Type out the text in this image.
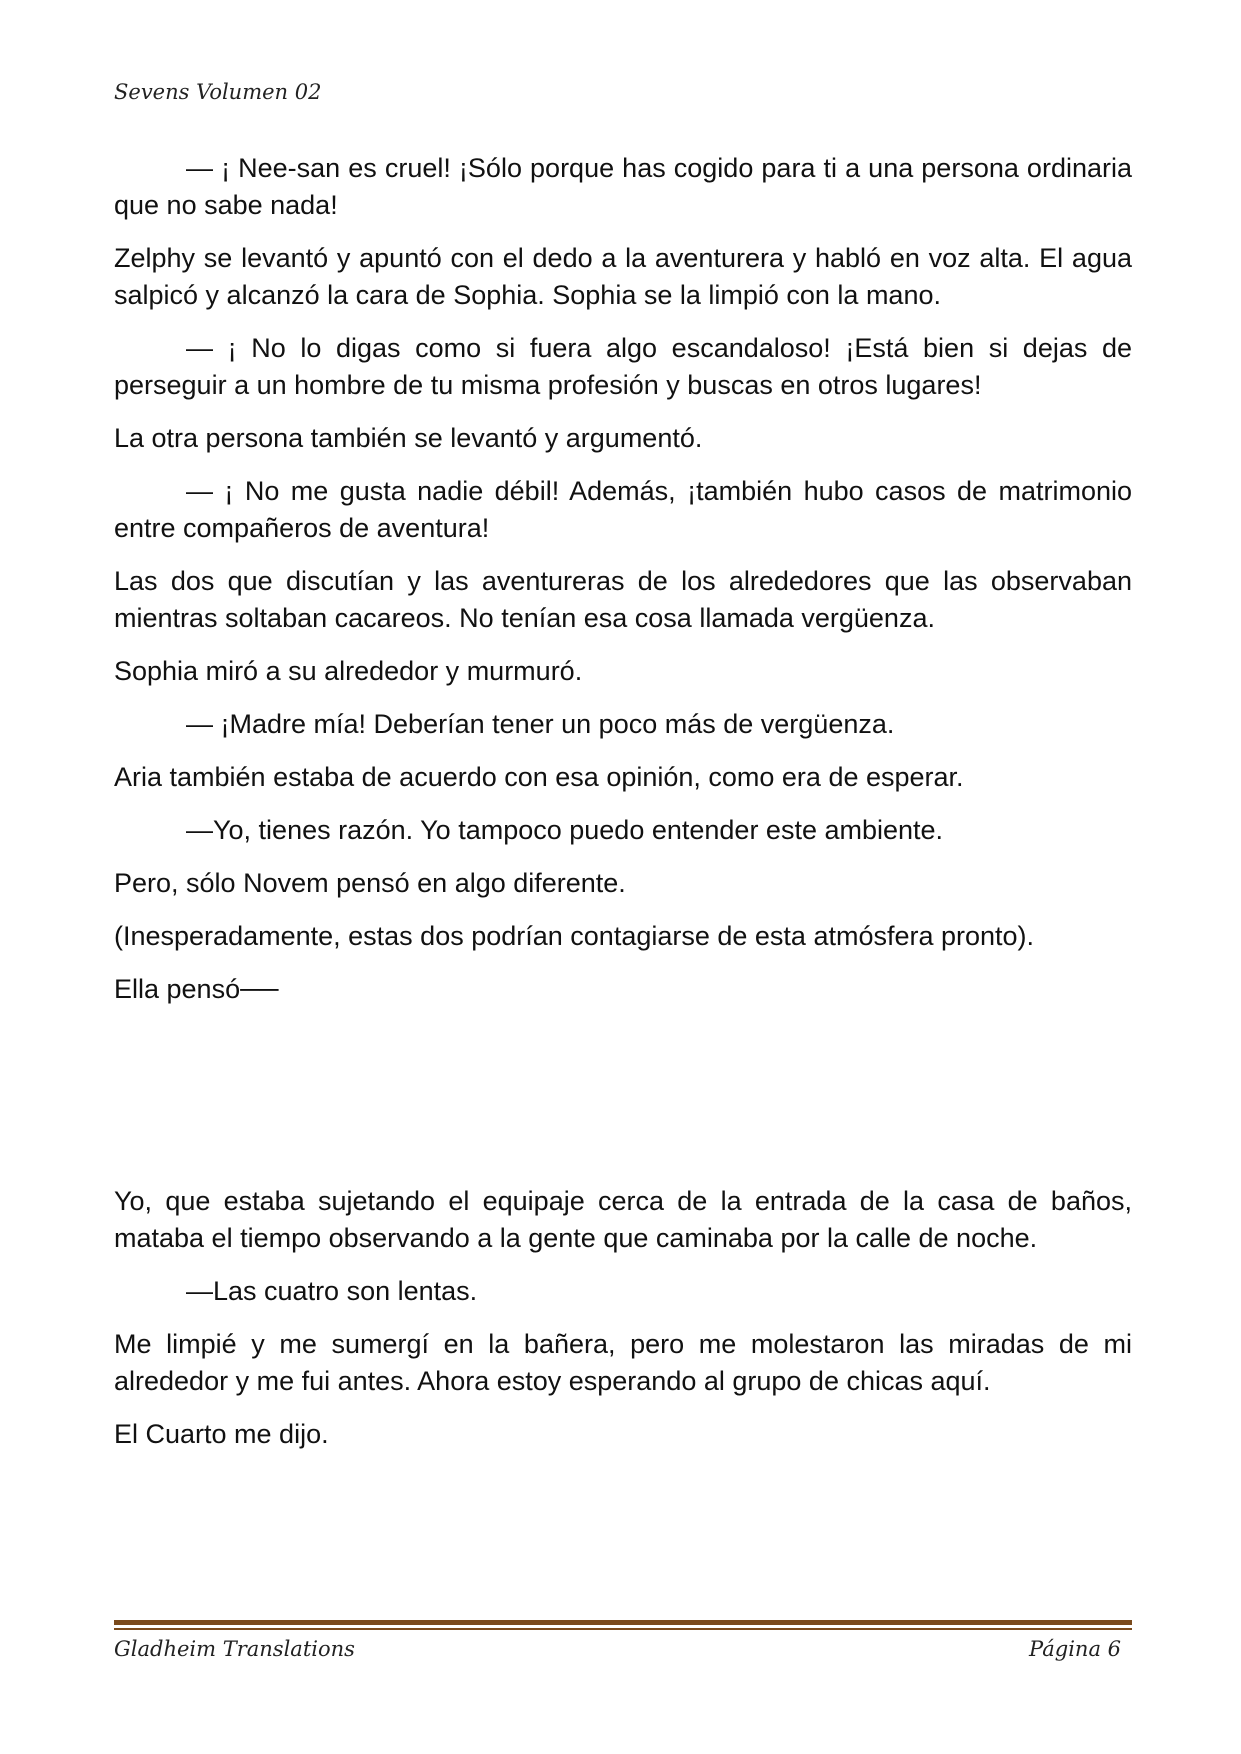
Sevens Volumen 02

— ¡ Nee-san es cruel! ¡Sólo porque has cogido para ti a una persona ordinaria que no sabe nada!

Zelphy se levantó y apuntó con el dedo a la aventurera y habló en voz alta. El agua salpicó y alcanzó la cara de Sophia. Sophia se la limpió con la mano.

— ¡ No lo digas como si fuera algo escandaloso! ¡Está bien si dejas de perseguir a un hombre de tu misma profesión y buscas en otros lugares!

La otra persona también se levantó y argumentó.

— ¡ No me gusta nadie débil! Además, ¡también hubo casos de matrimonio entre compañeros de aventura!

Las dos que discutían y las aventureras de los alrededores que las observaban mientras soltaban cacareos. No tenían esa cosa llamada vergüenza.

Sophia miró a su alrededor y murmuró.

— ¡Madre mía! Deberían tener un poco más de vergüenza.

Aria también estaba de acuerdo con esa opinión, como era de esperar.

—Yo, tienes razón. Yo tampoco puedo entender este ambiente.

Pero, sólo Novem pensó en algo diferente.

(Inesperadamente, estas dos podrían contagiarse de esta atmósfera pronto).

Ella pensó──

Yo, que estaba sujetando el equipaje cerca de la entrada de la casa de baños, mataba el tiempo observando a la gente que caminaba por la calle de noche.

—Las cuatro son lentas.

Me limpié y me sumergí en la bañera, pero me molestaron las miradas de mi alrededor y me fui antes. Ahora estoy esperando al grupo de chicas aquí.

El Cuarto me dijo.

Gladheim Translations	Página 6
